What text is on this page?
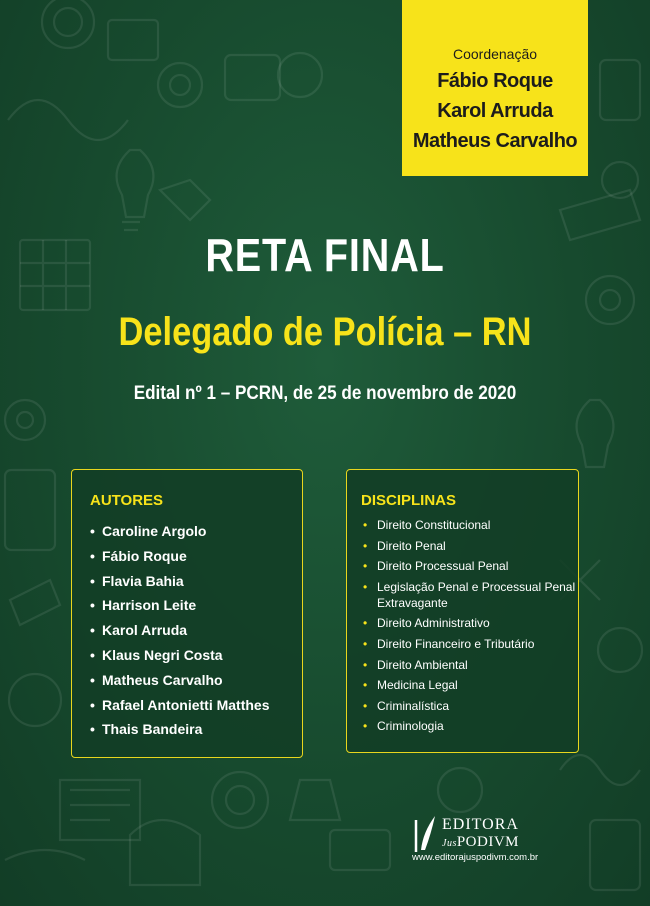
Coordenação
Fábio Roque
Karol Arruda
Matheus Carvalho
RETA FINAL
Delegado de Polícia – RN
Edital nº 1 – PCRN, de 25 de novembro de 2020
AUTORES
• Caroline Argolo
• Fábio Roque
• Flavia Bahia
• Harrison Leite
• Karol Arruda
• Klaus Negri Costa
• Matheus Carvalho
• Rafael Antonietti Matthes
• Thais Bandeira
DISCIPLINAS
• Direito Constitucional
• Direito Penal
• Direito Processual Penal
• Legislação Penal e Processual Penal Extravagante
• Direito Administrativo
• Direito Financeiro e Tributário
• Direito Ambiental
• Medicina Legal
• Criminalística
• Criminologia
EDITORA
JusPODIVM
www.editorajuspodivm.com.br
